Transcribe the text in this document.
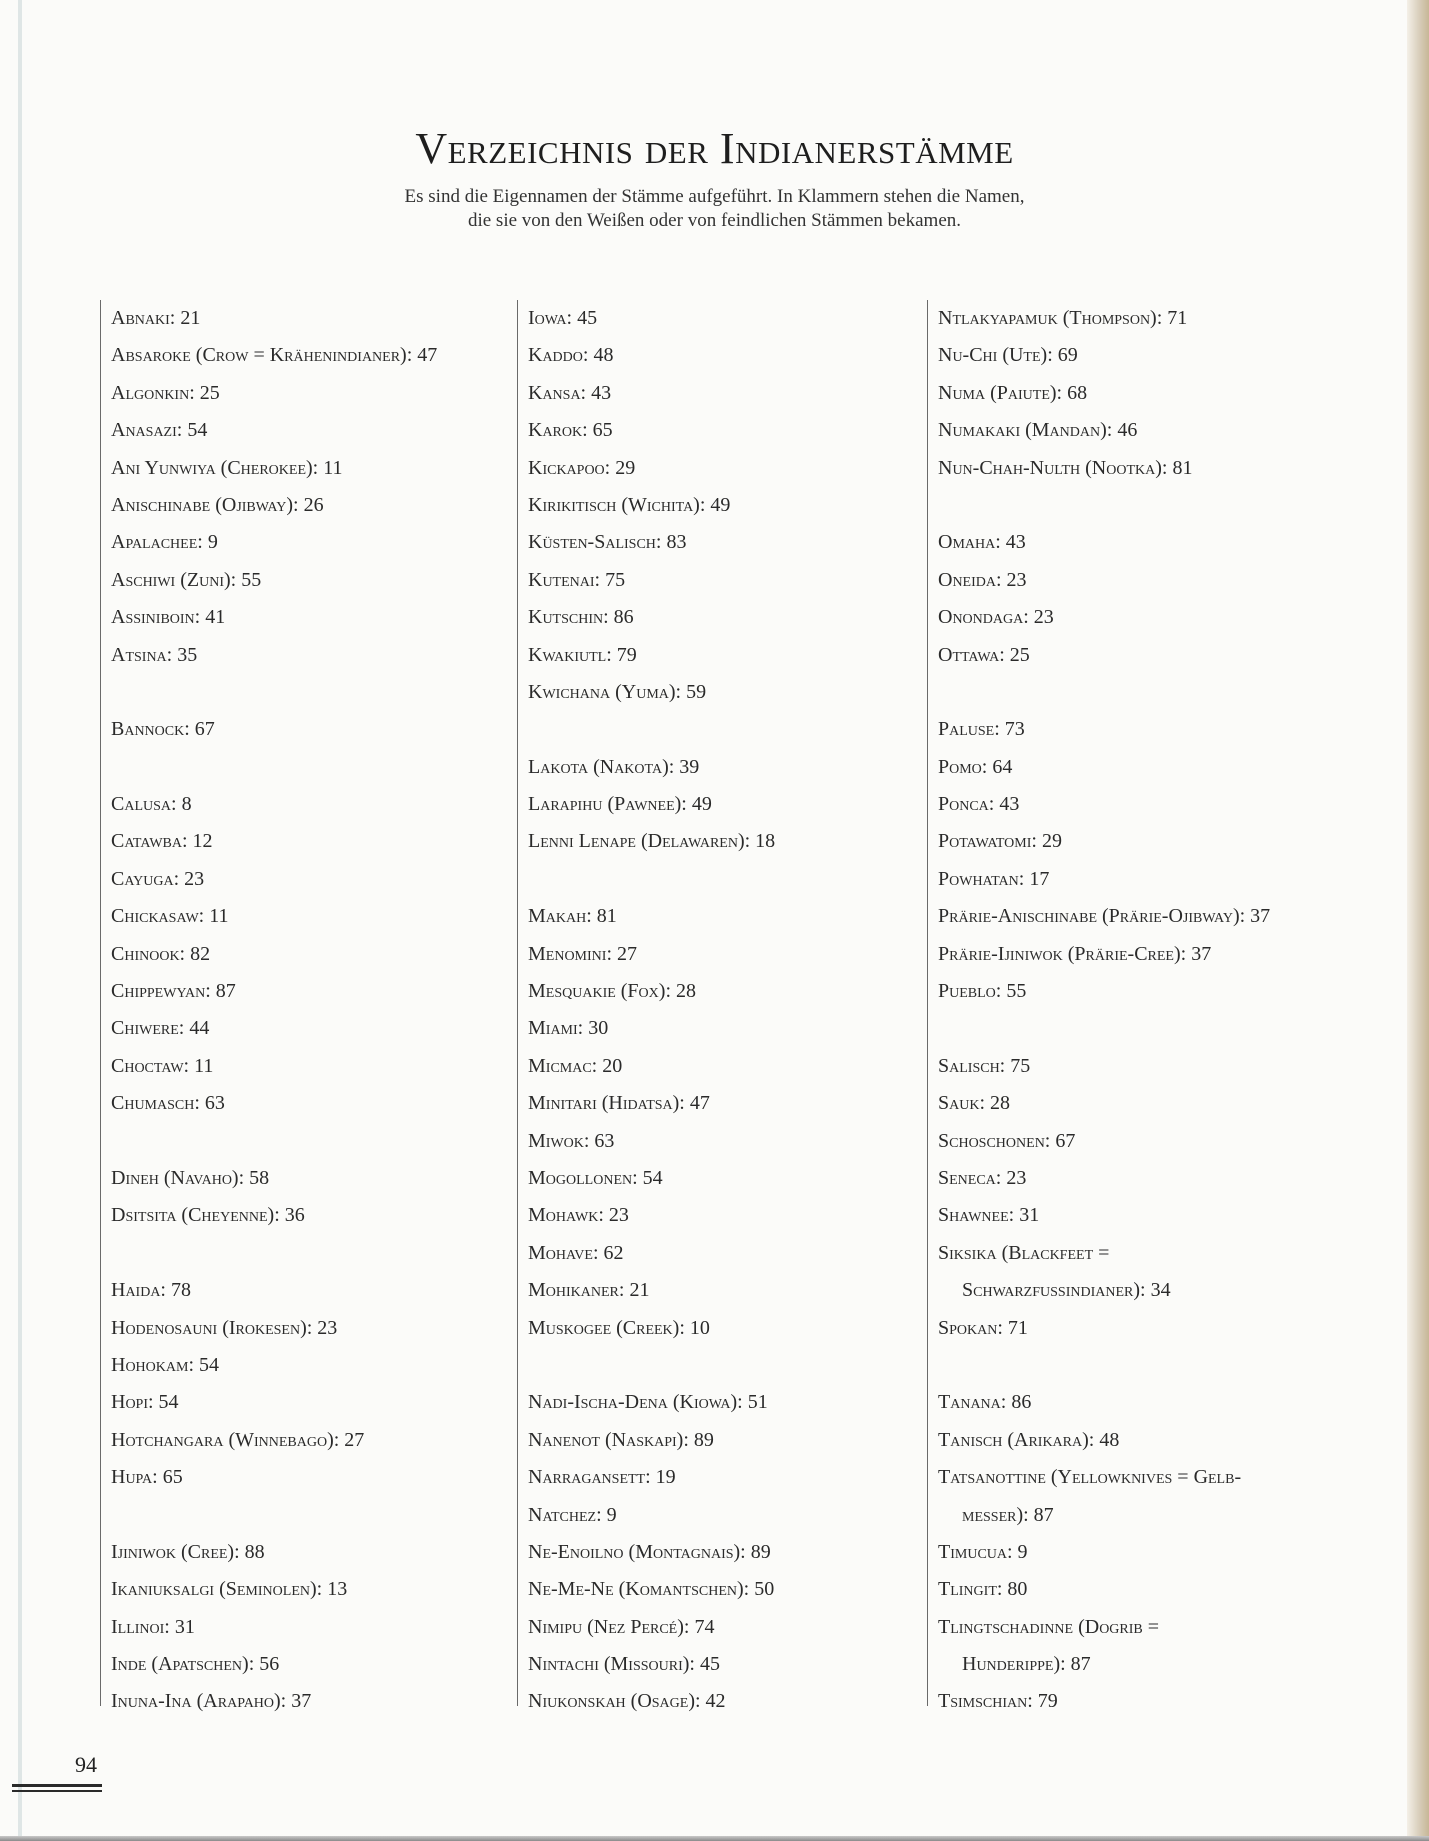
Verzeichnis der Indianerstämme
Es sind die Eigennamen der Stämme aufgeführt. In Klammern stehen die Namen,
die sie von den Weißen oder von feindlichen Stämmen bekamen.
Abnaki: 21
Absaroke (Crow = Krähenindianer): 47
Algonkin: 25
Anasazi: 54
Ani Yunwiya (Cherokee): 11
Anischinabe (Ojibway): 26
Apalachee: 9
Aschiwi (Zuni): 55
Assiniboin: 41
Atsina: 35
Bannock: 67
Calusa: 8
Catawba: 12
Cayuga: 23
Chickasaw: 11
Chinook: 82
Chippewyan: 87
Chiwere: 44
Choctaw: 11
Chumasch: 63
Dineh (Navaho): 58
Dsitsita (Cheyenne): 36
Haida: 78
Hodenosauni (Irokesen): 23
Hohokam: 54
Hopi: 54
Hotchangara (Winnebago): 27
Hupa: 65
Ijiniwok (Cree): 88
Ikaniuksalgi (Seminolen): 13
Illinoi: 31
Inde (Apatschen): 56
Inuna-Ina (Arapaho): 37
Iowa: 45
Kaddo: 48
Kansa: 43
Karok: 65
Kickapoo: 29
Kirikitisch (Wichita): 49
Küsten-Salisch: 83
Kutenai: 75
Kutschin: 86
Kwakiutl: 79
Kwichana (Yuma): 59
Lakota (Nakota): 39
Larapihu (Pawnee): 49
Lenni Lenape (Delawaren): 18
Makah: 81
Menomini: 27
Mesquakie (Fox): 28
Miami: 30
Micmac: 20
Minitari (Hidatsa): 47
Miwok: 63
Mogollonen: 54
Mohawk: 23
Mohave: 62
Mohikaner: 21
Muskogee (Creek): 10
Nadi-Ischa-Dena (Kiowa): 51
Nanenot (Naskapi): 89
Narragansett: 19
Natchez: 9
Ne-Enoilno (Montagnais): 89
Ne-Me-Ne (Komantschen): 50
Nimipu (Nez Percé): 74
Nintachi (Missouri): 45
Niukonskah (Osage): 42
Ntlakyapamuk (Thompson): 71
Nu-Chi (Ute): 69
Numa (Paiute): 68
Numakaki (Mandan): 46
Nun-Chah-Nulth (Nootka): 81
Omaha: 43
Oneida: 23
Onondaga: 23
Ottawa: 25
Paluse: 73
Pomo: 64
Ponca: 43
Potawatomi: 29
Powhatan: 17
Prärie-Anischinabe (Prärie-Ojibway): 37
Prärie-Ijiniwok (Prärie-Cree): 37
Pueblo: 55
Salisch: 75
Sauk: 28
Schoschonen: 67
Seneca: 23
Shawnee: 31
Siksika (Blackfeet =
Schwarzfussindianer): 34
Spokan: 71
Tanana: 86
Tanisch (Arikara): 48
Tatsanottine (Yellowknives = Gelb-
messer): 87
Timucua: 9
Tlingit: 80
Tlingtschadinne (Dogrib =
Hunderippe): 87
Tsimschian: 79
94
